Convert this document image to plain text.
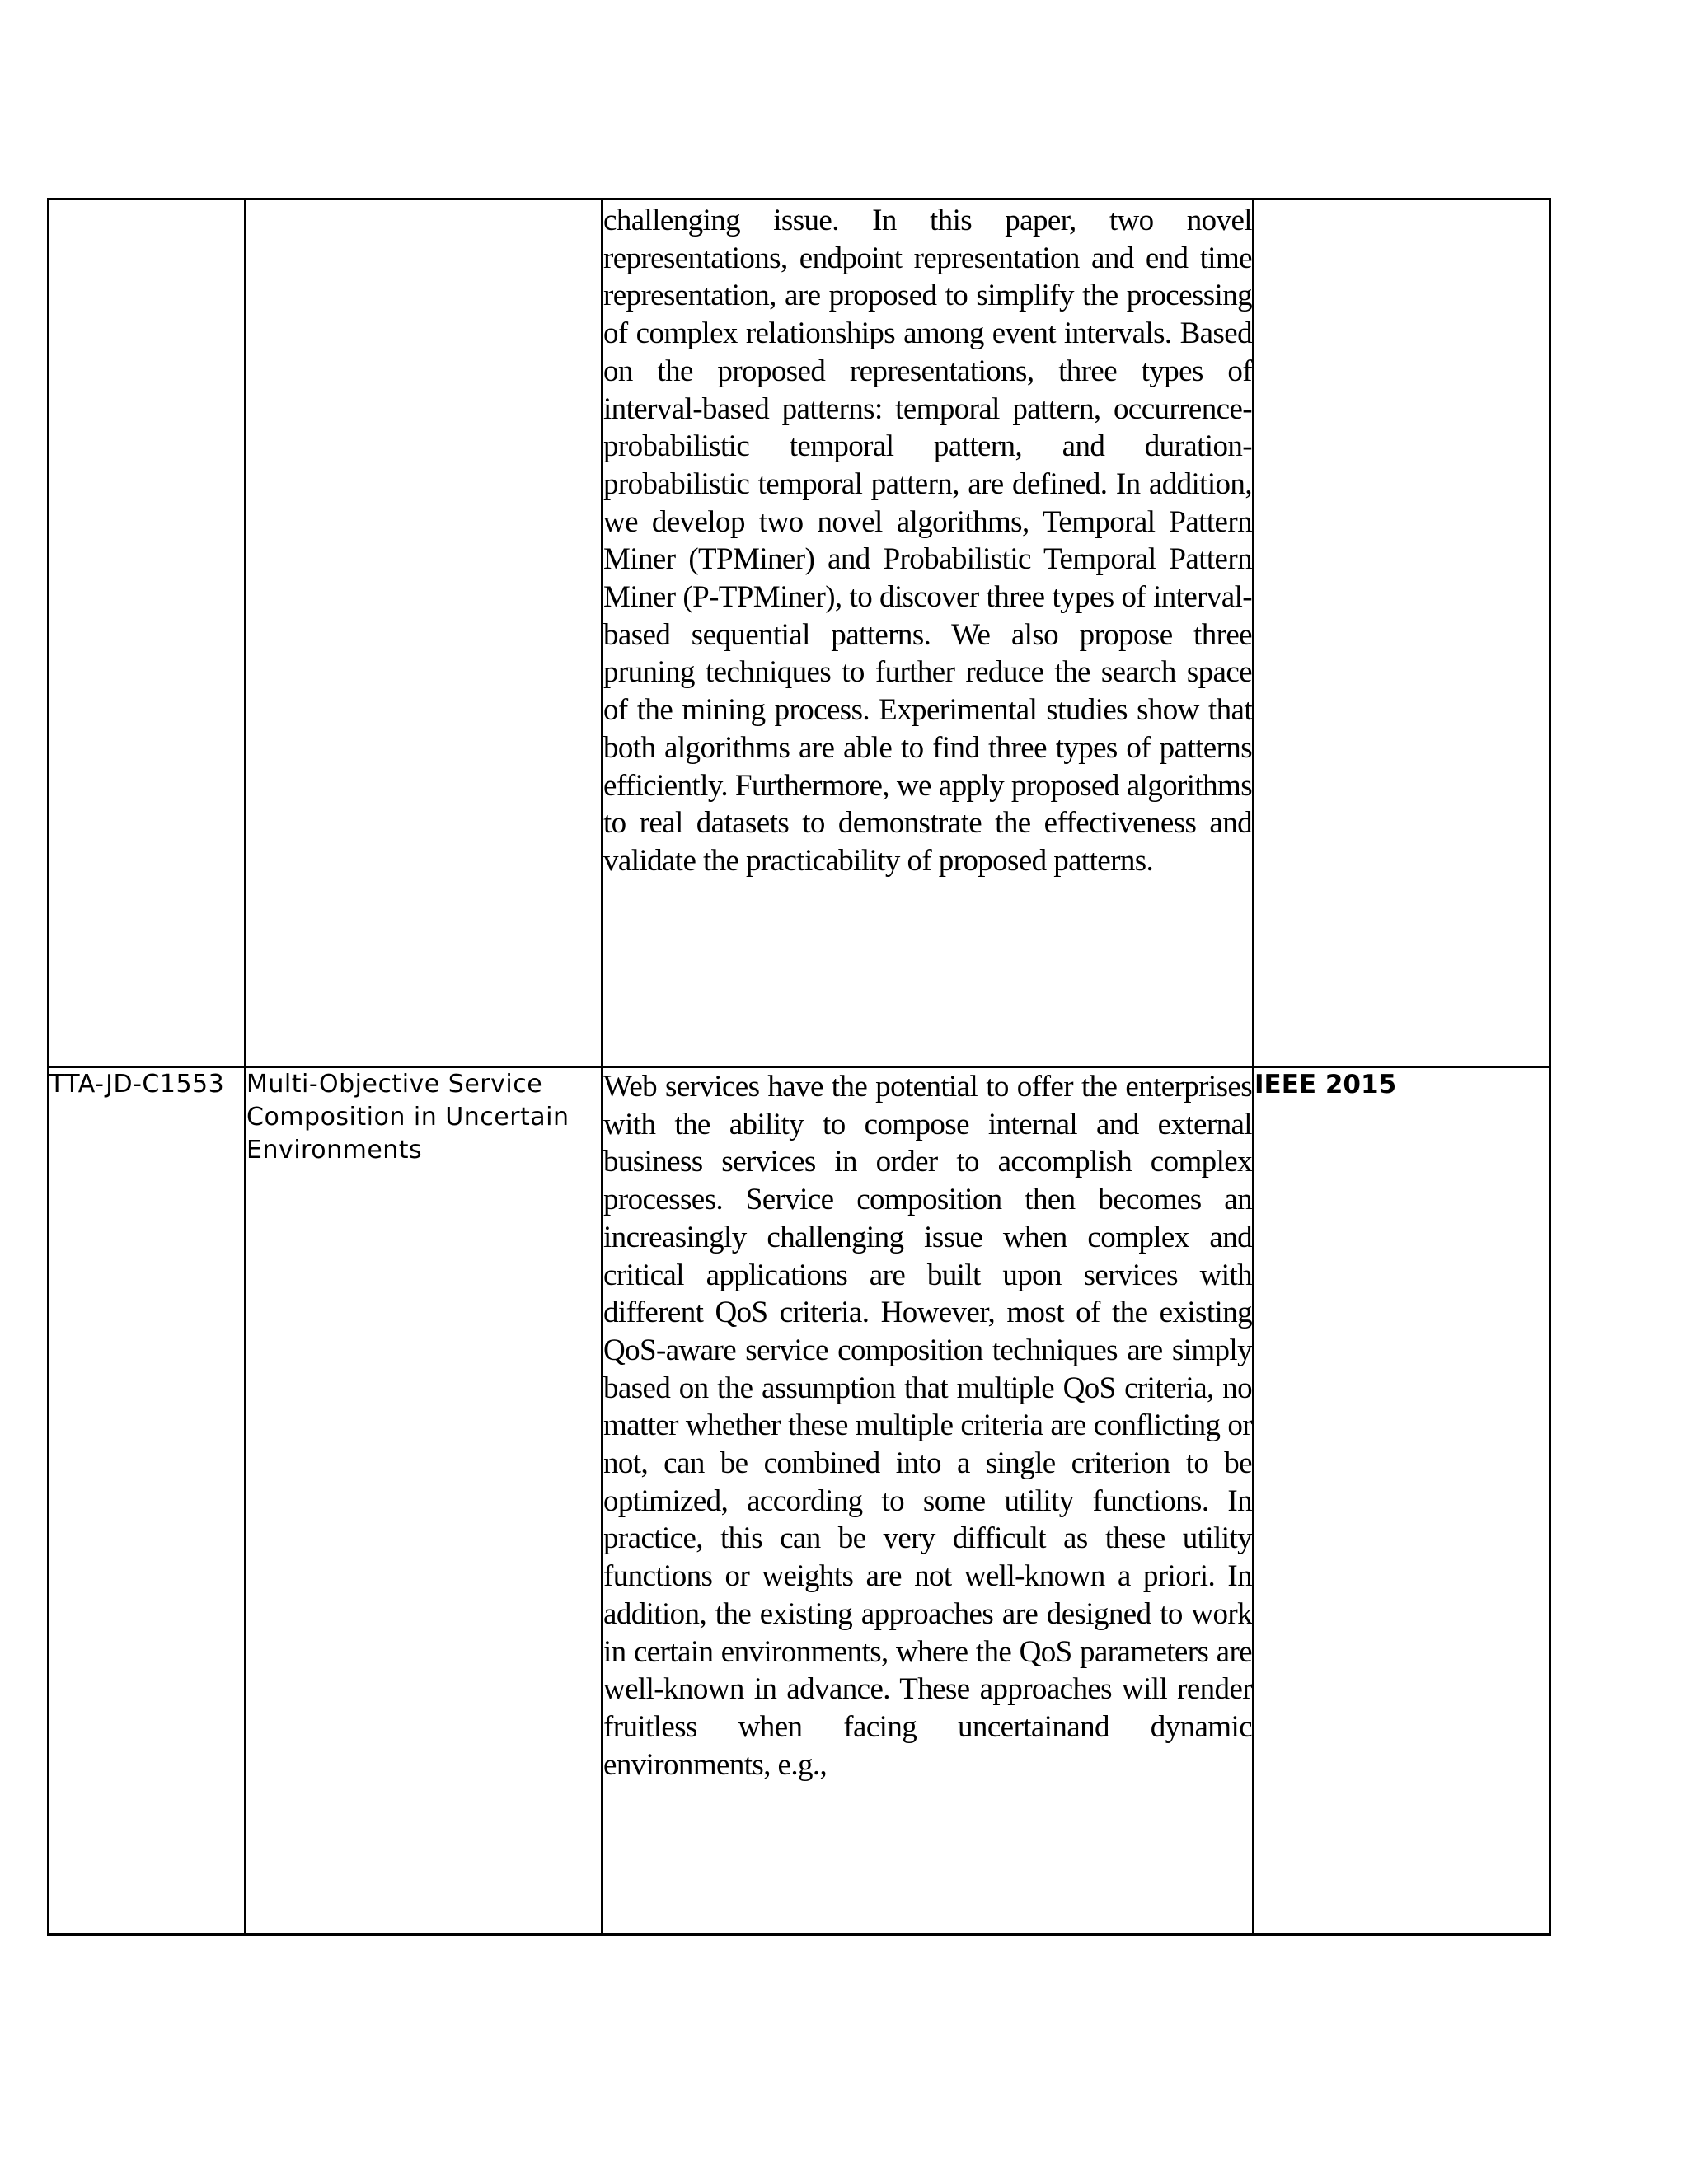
		challenging issue. In this paper, two novel representations, endpoint representation and end time representation, are proposed to simplify the processing of complex relationships among event intervals. Based on the proposed representations, three types of interval-based patterns: temporal pattern, occurrence-probabilistic temporal pattern, and duration-probabilistic temporal pattern, are defined. In addition, we develop two novel algorithms, Temporal Pattern Miner (TPMiner) and Probabilistic Temporal Pattern Miner (P-TPMiner), to discover three types of interval-based sequential patterns. We also propose three pruning techniques to further reduce the search space of the mining process. Experimental studies show that both algorithms are able to find three types of patterns efficiently. Furthermore, we apply proposed algorithms to real datasets to demonstrate the effectiveness and validate the practicability of proposed patterns.	

TTA-JD-C1553	Multi-Objective Service Composition in Uncertain Environments	Web services have the potential to offer the enterprises with the ability to compose internal and external business services in order to accomplish complex processes. Service composition then becomes an increasingly challenging issue when complex and critical applications are built upon services with different QoS criteria. However, most of the existing QoS-aware service composition techniques are simply based on the assumption that multiple QoS criteria, no matter whether these multiple criteria are conflicting or not, can be combined into a single criterion to be optimized, according to some utility functions. In practice, this can be very difficult as these utility functions or weights are not well-known a priori. In addition, the existing approaches are designed to work in certain environments, where the QoS parameters are well-known in advance. These approaches will render fruitless when facing uncertainand dynamic environments, e.g.,	IEEE 2015
